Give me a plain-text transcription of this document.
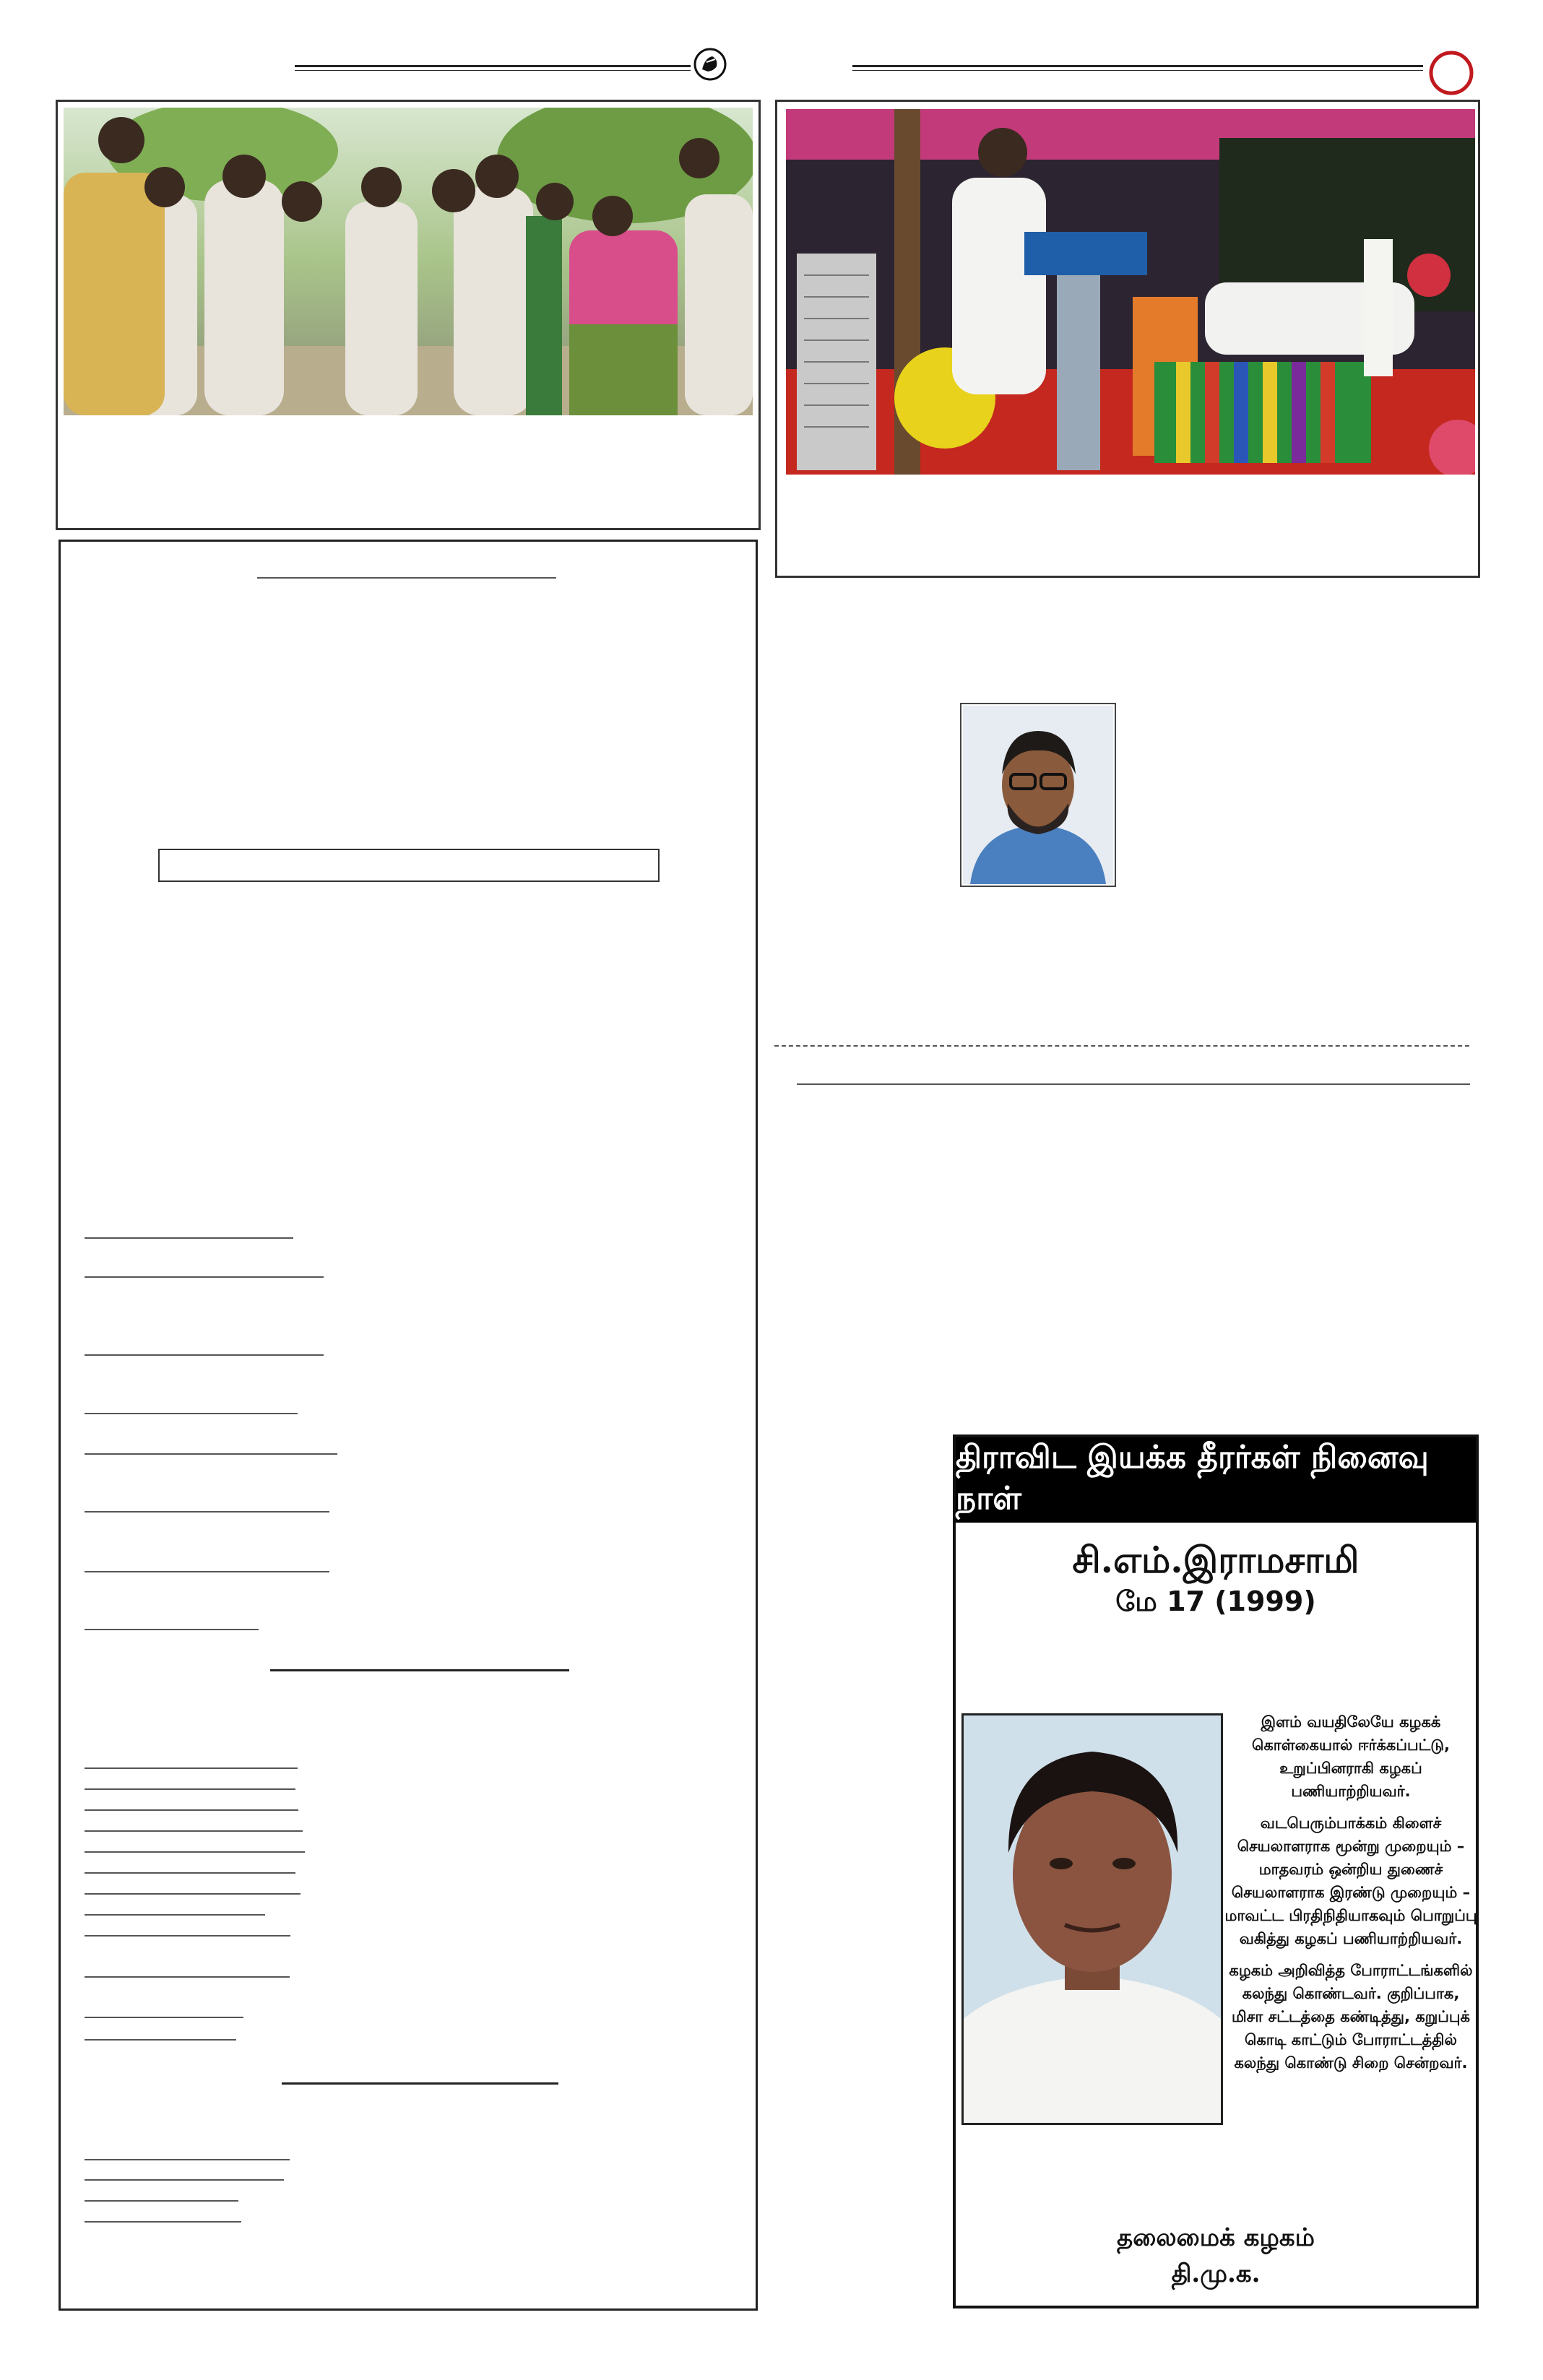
திராவிட இயக்க தீரர்கள் நினைவு நாள்
சி.எம்.இராமசாமி
மே 17 (1999)

இளம் வயதிலேயே கழகக் கொள்கையால் ஈர்க்கப்பட்டு, உறுப்பினராகி கழகப் பணியாற்றியவர்.

வடபெரும்பாக்கம் கிளைச் செயலாளராக மூன்று முறையும் – மாதவரம் ஒன்றிய துணைச் செயலாளராக இரண்டு முறையும் – மாவட்ட பிரதிநிதியாகவும் பொறுப்பு வகித்து கழகப் பணியாற்றியவர்.

கழகம் அறிவித்த போராட்டங்களில் கலந்து கொண்டவர். குறிப்பாக, மிசா சட்டத்தை கண்டித்து, கறுப்புக் கொடி காட்டும் போராட்டத்தில் கலந்து கொண்டு சிறை சென்றவர்.

தலைமைக் கழகம்
தி.மு.க.
